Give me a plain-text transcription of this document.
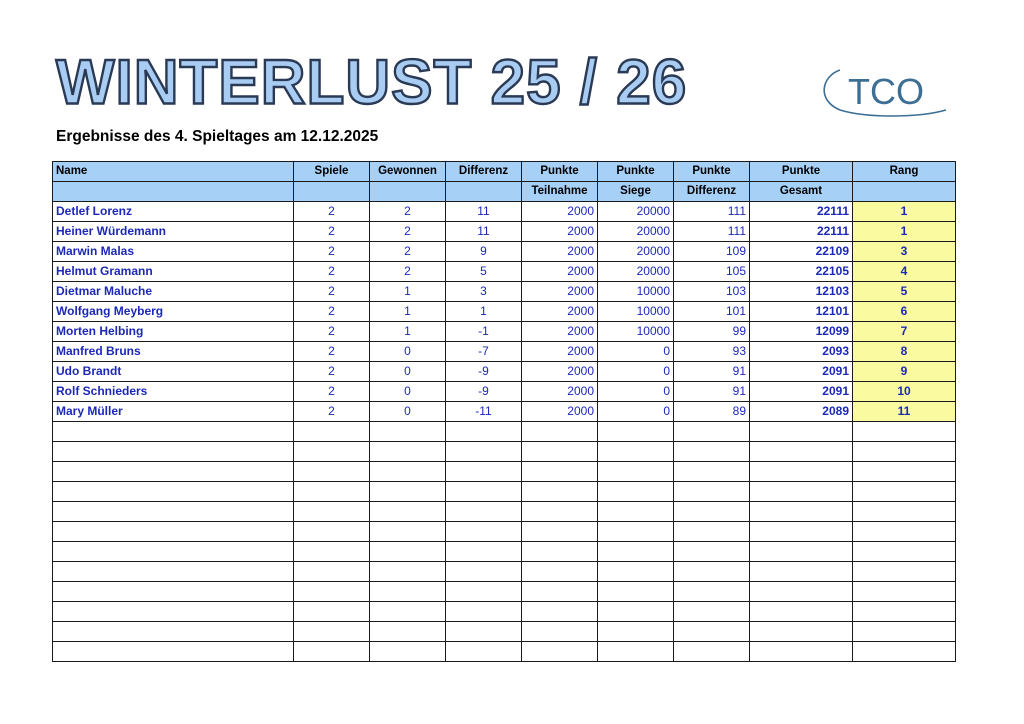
WINTERLUST 25 / 26
Ergebnisse des 4. Spieltages am 12.12.2025
TCO
Name	Spiele	Gewonnen	Differenz	Punkte	Punkte	Punkte	Punkte	Rang
				Teilnahme	Siege	Differenz	Gesamt	
Detlef Lorenz	2	2	11	2000	20000	111	22111	1
Heiner Würdemann	2	2	11	2000	20000	111	22111	1
Marwin Malas	2	2	9	2000	20000	109	22109	3
Helmut Gramann	2	2	5	2000	20000	105	22105	4
Dietmar Maluche	2	1	3	2000	10000	103	12103	5
Wolfgang Meyberg	2	1	1	2000	10000	101	12101	6
Morten Helbing	2	1	-1	2000	10000	99	12099	7
Manfred Bruns	2	0	-7	2000	0	93	2093	8
Udo Brandt	2	0	-9	2000	0	91	2091	9
Rolf Schnieders	2	0	-9	2000	0	91	2091	10
Mary Müller	2	0	-11	2000	0	89	2089	11
